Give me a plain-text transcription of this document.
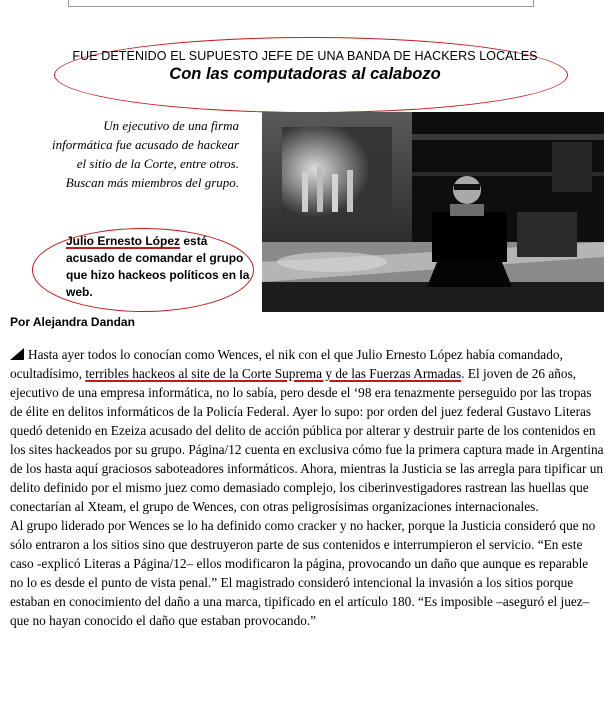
FUE DETENIDO EL SUPUESTO JEFE DE UNA BANDA DE HACKERS LOCALES
Con las computadoras al calabozo
Un ejecutivo de una firma informática fue acusado de hackear el sitio de la Corte, entre otros. Buscan más miembros del grupo.
Julio Ernesto López está acusado de comandar el grupo que hizo hackeos políticos en la web.
Por Alejandra Dandan

Hasta ayer todos lo conocían como Wences, el nik con el que Julio Ernesto López había comandado, ocultadísimo, terribles hackeos al site de la Corte Suprema y de las Fuerzas Armadas. El joven de 26 años, ejecutivo de una empresa informática, no lo sabía, pero desde el ‘98 era tenazmente perseguido por las tropas de élite en delitos informáticos de la Policía Federal. Ayer lo supo: por orden del juez federal Gustavo Literas quedó detenido en Ezeiza acusado del delito de acción pública por alterar y destruir parte de los contenidos en los sites hackeados por su grupo. Página/12 cuenta en exclusiva cómo fue la primera captura made in Argentina de los hasta aquí graciosos saboteadores informáticos. Ahora, mientras la Justicia se las arregla para tipificar un delito definido por el mismo juez como demasiado complejo, los ciberinvestigadores rastrean las huellas que conectarían al Xteam, el grupo de Wences, con otras peligrosísimas organizaciones internacionales.

Al grupo liderado por Wences se lo ha definido como cracker y no hacker, porque la Justicia consideró que no sólo entraron a los sitios sino que destruyeron parte de sus contenidos e interrumpieron el servicio. “En este caso -explicó Literas a Página/12– ellos modificaron la página, provocando un daño que aunque es reparable no lo es desde el punto de vista penal.” El magistrado consideró intencional la invasión a los sitios porque estaban en conocimiento del daño a una marca, tipificado en el artículo 180. “Es imposible –aseguró el juez– que no hayan conocido el daño que estaban provocando.”
